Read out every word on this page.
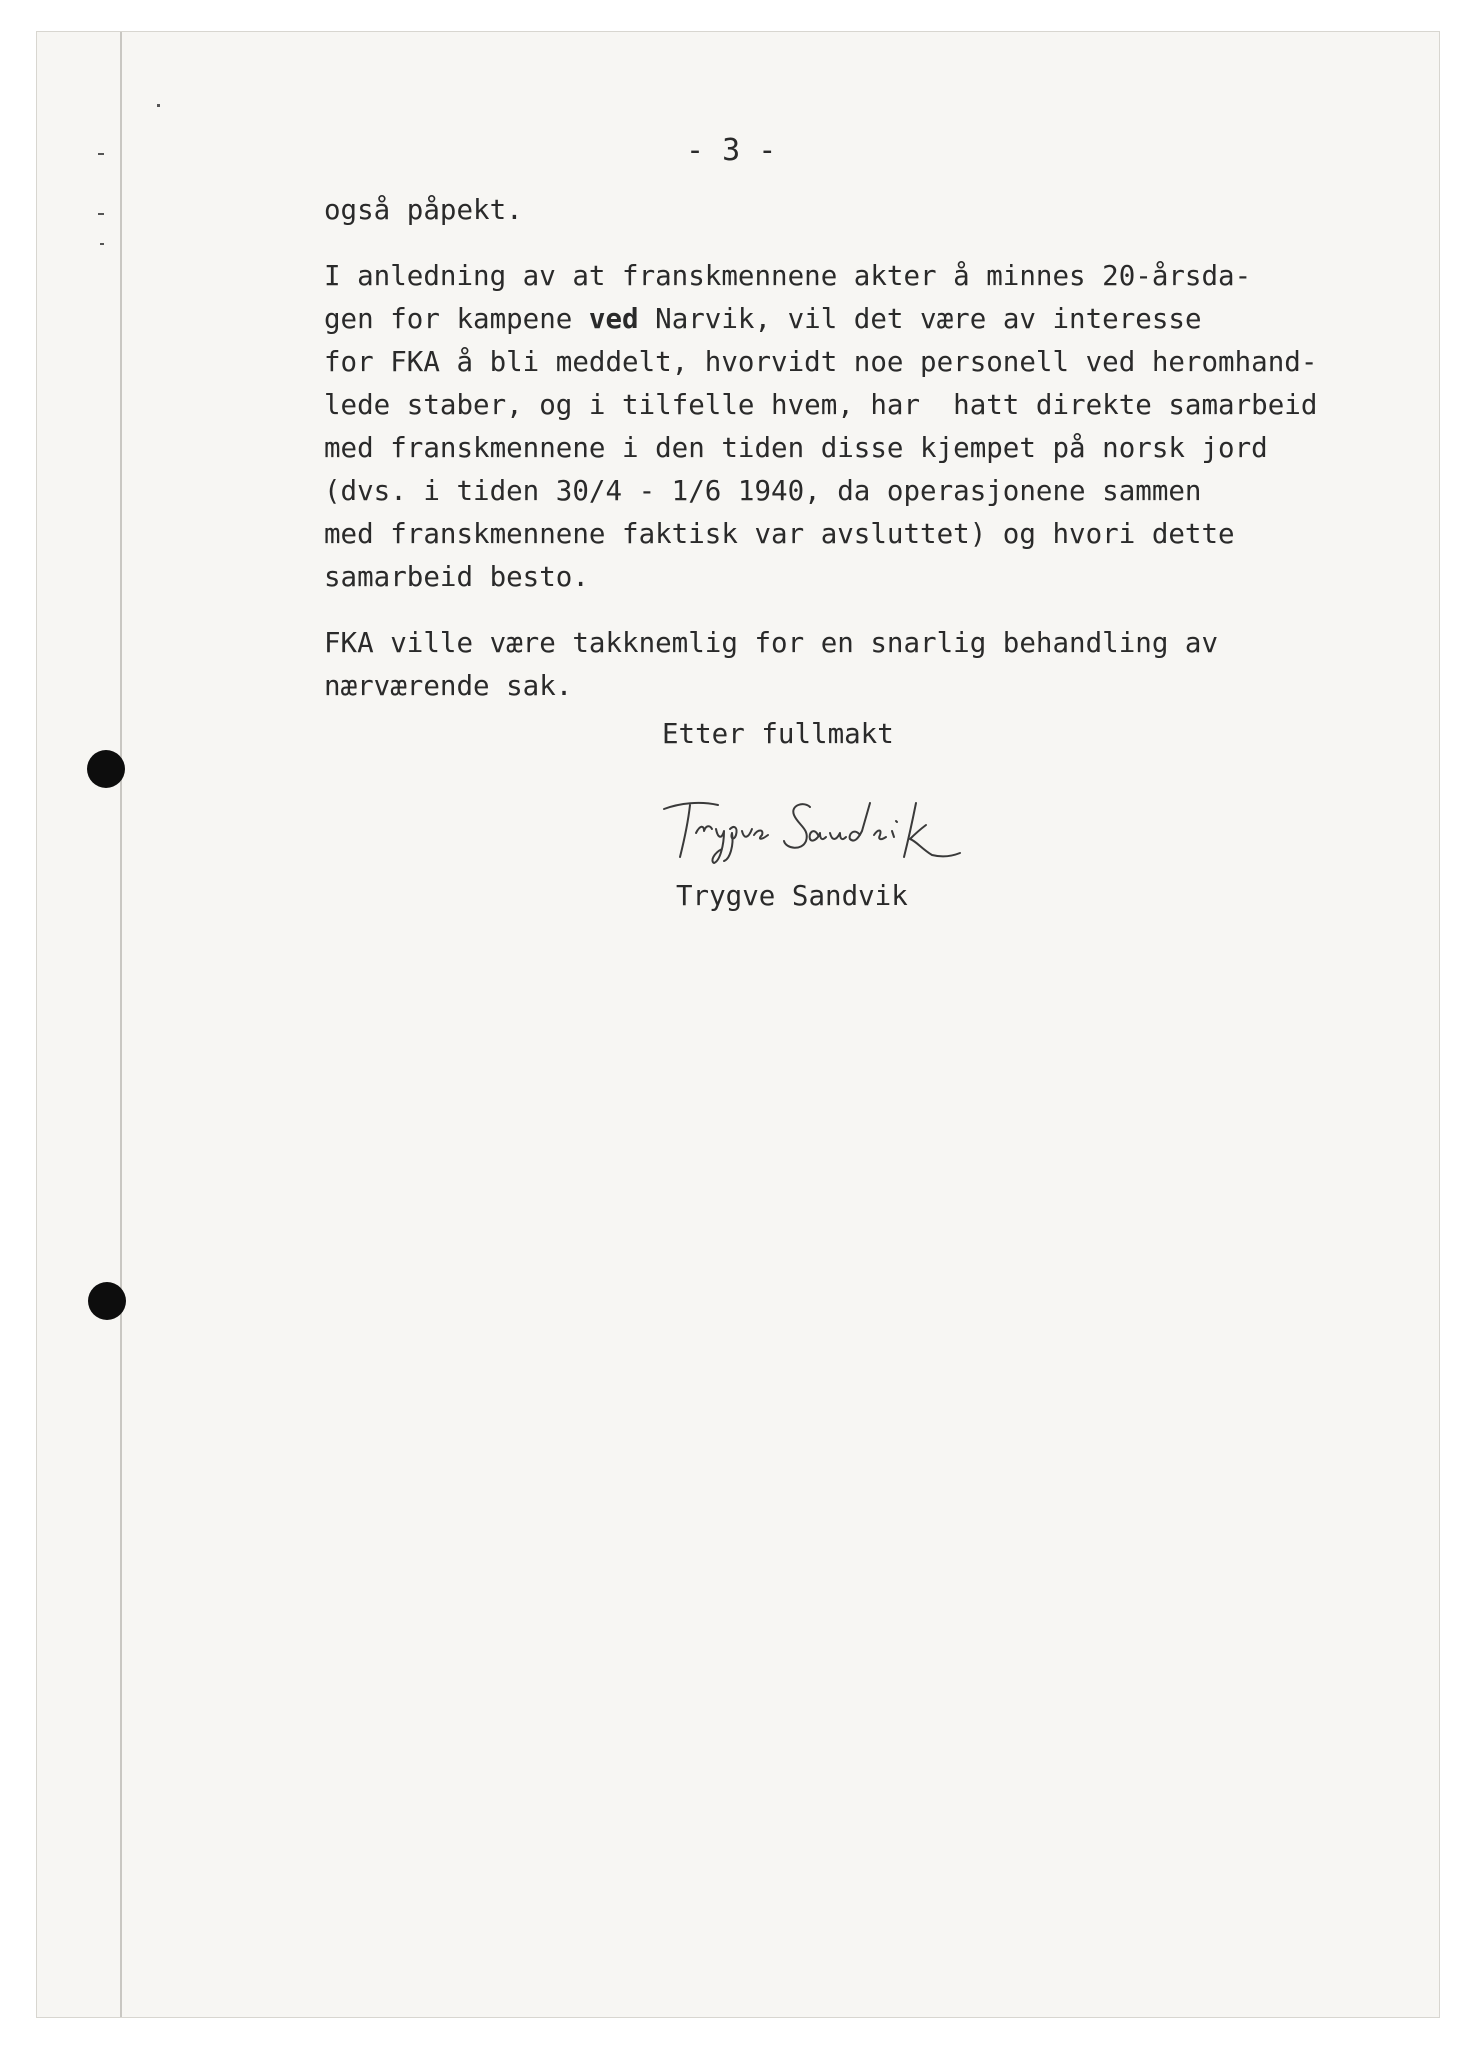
- 3 -
også påpekt.
I anledning av at franskmennene akter å minnes 20-årsda-
gen for kampene ved Narvik, vil det være av interesse
for FKA å bli meddelt, hvorvidt noe personell ved heromhand-
lede staber, og i tilfelle hvem, har  hatt direkte samarbeid
med franskmennene i den tiden disse kjempet på norsk jord
(dvs. i tiden 30/4 - 1/6 1940, da operasjonene sammen
med franskmennene faktisk var avsluttet) og hvori dette
samarbeid besto.
FKA ville være takknemlig for en snarlig behandling av
nærværende sak.
Etter fullmakt
Trygve Sandvik
Trygve Sandvik
